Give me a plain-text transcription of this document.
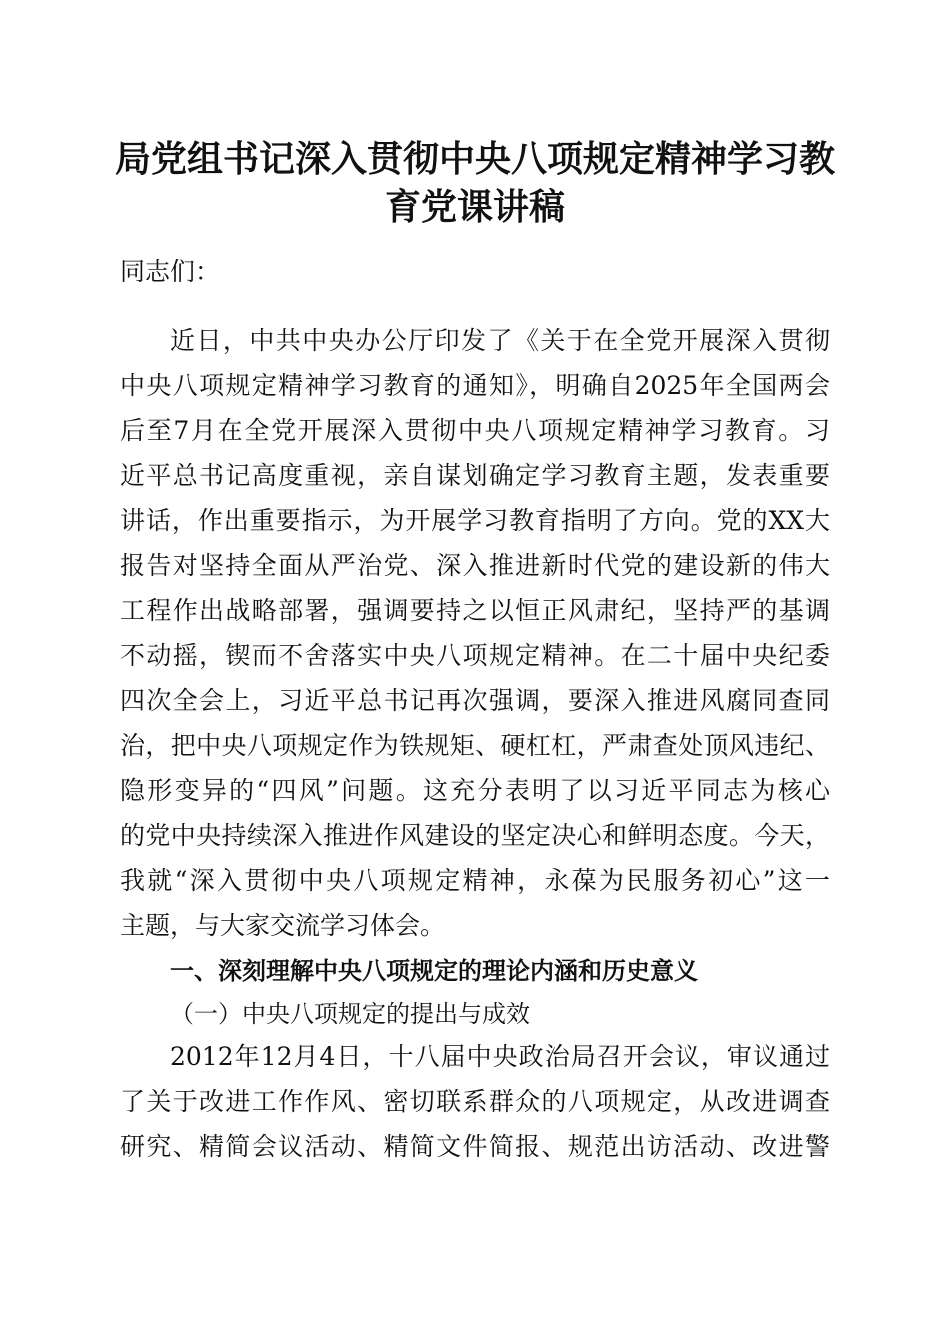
局党组书记深入贯彻中央八项规定精神学习教
育党课讲稿
同志们：
近日，中共中央办公厅印发了《关于在全党开展深入贯彻
中央八项规定精神学习教育的通知》，明确自2025年全国两会
后至7月在全党开展深入贯彻中央八项规定精神学习教育。习
近平总书记高度重视，亲自谋划确定学习教育主题，发表重要
讲话，作出重要指示，为开展学习教育指明了方向。党的XX大
报告对坚持全面从严治党、深入推进新时代党的建设新的伟大
工程作出战略部署，强调要持之以恒正风肃纪，坚持严的基调
不动摇，锲而不舍落实中央八项规定精神。在二十届中央纪委
四次全会上，习近平总书记再次强调，要深入推进风腐同查同
治，把中央八项规定作为铁规矩、硬杠杠，严肃查处顶风违纪、
隐形变异的“四风”问题。这充分表明了以习近平同志为核心
的党中央持续深入推进作风建设的坚定决心和鲜明态度。今天，
我就“深入贯彻中央八项规定精神，永葆为民服务初心”这一
主题，与大家交流学习体会。
一、深刻理解中央八项规定的理论内涵和历史意义
（一）中央八项规定的提出与成效
2012年12月4日，十八届中央政治局召开会议，审议通过
了关于改进工作作风、密切联系群众的八项规定，从改进调查
研究、精简会议活动、精简文件简报、规范出访活动、改进警
